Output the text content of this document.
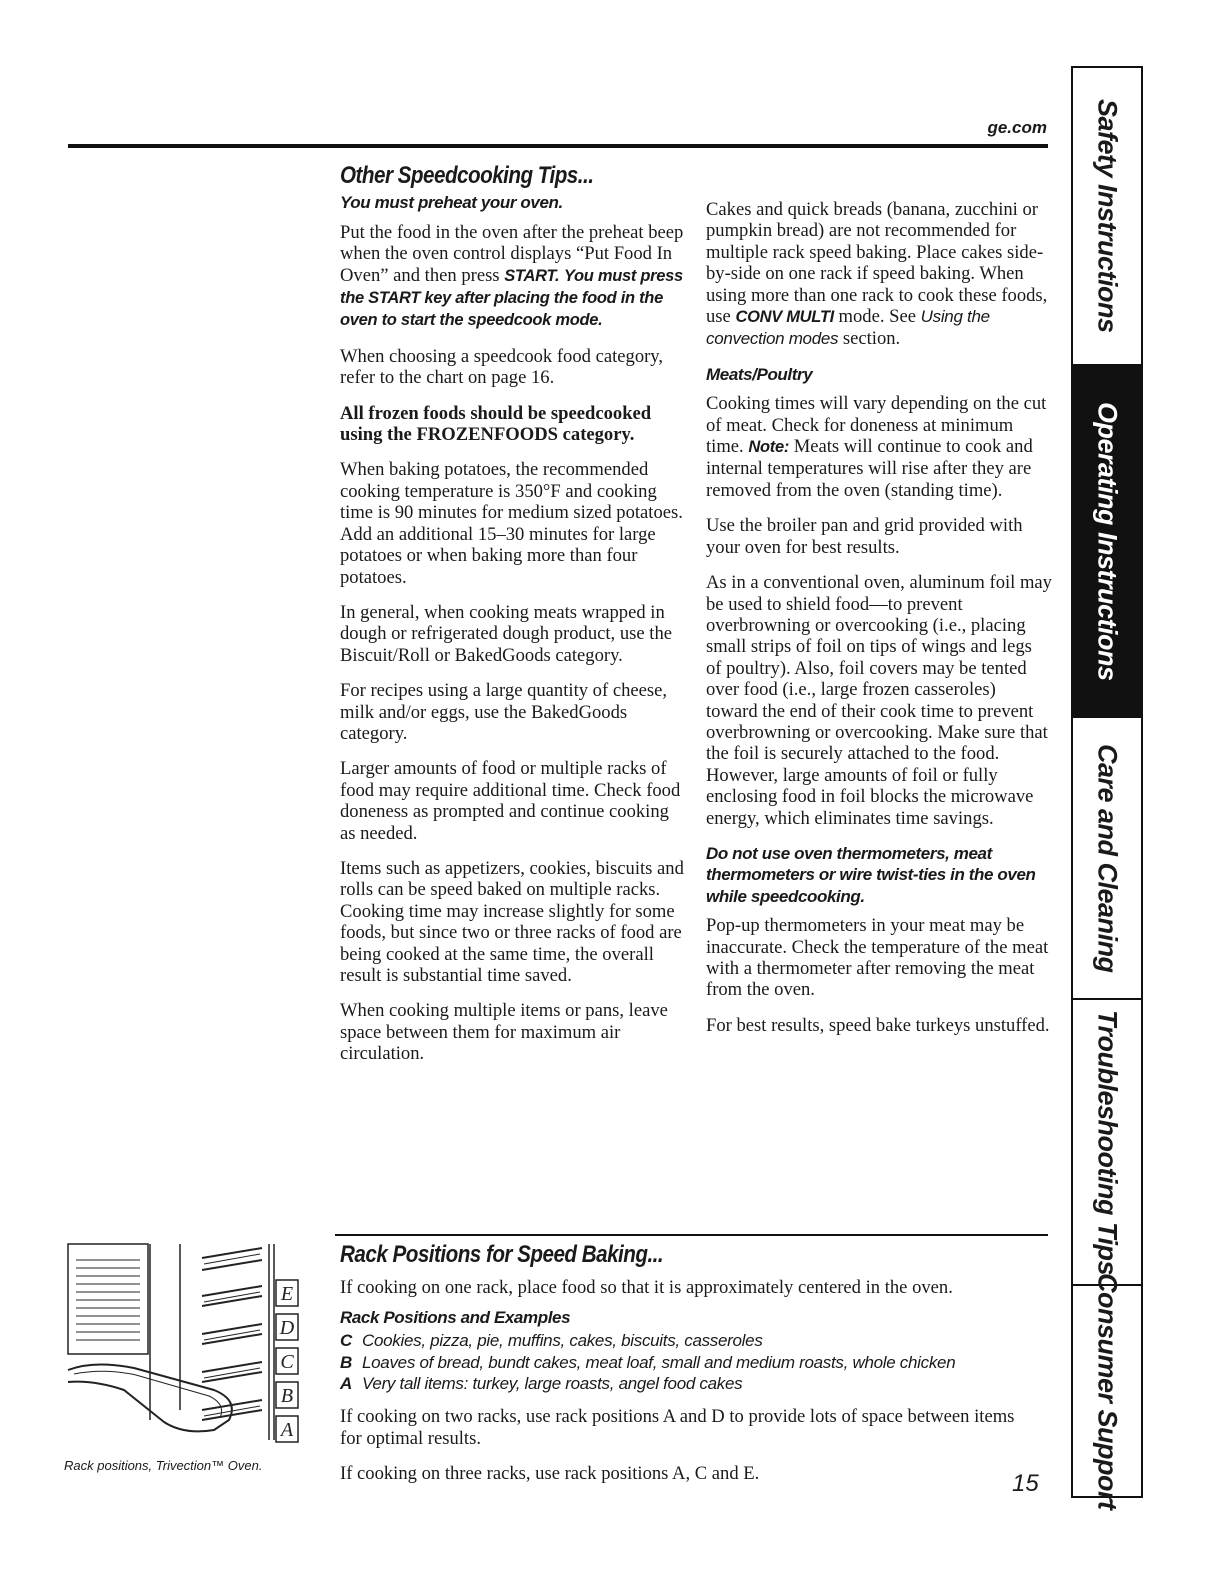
ge.com
Other Speedcooking Tips...
You must preheat your oven.

Put the food in the oven after the preheat beep when the oven control displays “Put Food In Oven” and then press START. You must press the START key after placing the food in the oven to start the speedcook mode.

When choosing a speedcook food category, refer to the chart on page 16.

All frozen foods should be speedcooked using the FROZENFOODS category.

When baking potatoes, the recommended cooking temperature is 350°F and cooking time is 90 minutes for medium sized potatoes. Add an additional 15–30 minutes for large potatoes or when baking more than four potatoes.

In general, when cooking meats wrapped in dough or refrigerated dough product, use the Biscuit/Roll or BakedGoods category.

For recipes using a large quantity of cheese, milk and/or eggs, use the BakedGoods category.

Larger amounts of food or multiple racks of food may require additional time. Check food doneness as prompted and continue cooking as needed.

Items such as appetizers, cookies, biscuits and rolls can be speed baked on multiple racks. Cooking time may increase slightly for some foods, but since two or three racks of food are being cooked at the same time, the overall result is substantial time saved.

When cooking multiple items or pans, leave space between them for maximum air circulation.

Cakes and quick breads (banana, zucchini or pumpkin bread) are not recommended for multiple rack speed baking. Place cakes side-by-side on one rack if speed baking. When using more than one rack to cook these foods, use CONV MULTI mode. See Using the convection modes section.

Meats/Poultry

Cooking times will vary depending on the cut of meat. Check for doneness at minimum time. Note: Meats will continue to cook and internal temperatures will rise after they are removed from the oven (standing time).

Use the broiler pan and grid provided with your oven for best results.

As in a conventional oven, aluminum foil may be used to shield food—to prevent overbrowning or overcooking (i.e., placing small strips of foil on tips of wings and legs of poultry). Also, foil covers may be tented over food (i.e., large frozen casseroles) toward the end of their cook time to prevent overbrowning or overcooking. Make sure that the foil is securely attached to the food. However, large amounts of foil or fully enclosing food in foil blocks the microwave energy, which eliminates time savings.

Do not use oven thermometers, meat thermometers or wire twist-ties in the oven while speedcooking.

Pop-up thermometers in your meat may be inaccurate. Check the temperature of the meat with a thermometer after removing the meat from the oven.

For best results, speed bake turkeys unstuffed.

E
D
C
B
A
Rack positions, Trivection™ Oven.
Rack Positions for Speed Baking...

If cooking on one rack, place food so that it is approximately centered in the oven.

Rack Positions and Examples
C Cookies, pizza, pie, muffins, cakes, biscuits, casseroles
B Loaves of bread, bundt cakes, meat loaf, small and medium roasts, whole chicken
A Very tall items: turkey, large roasts, angel food cakes

If cooking on two racks, use rack positions A and D to provide lots of space between items for optimal results.

If cooking on three racks, use rack positions A, C and E.	15
Safety Instructions
Operating Instructions
Care and Cleaning
Troubleshooting Tips
Consumer Support
